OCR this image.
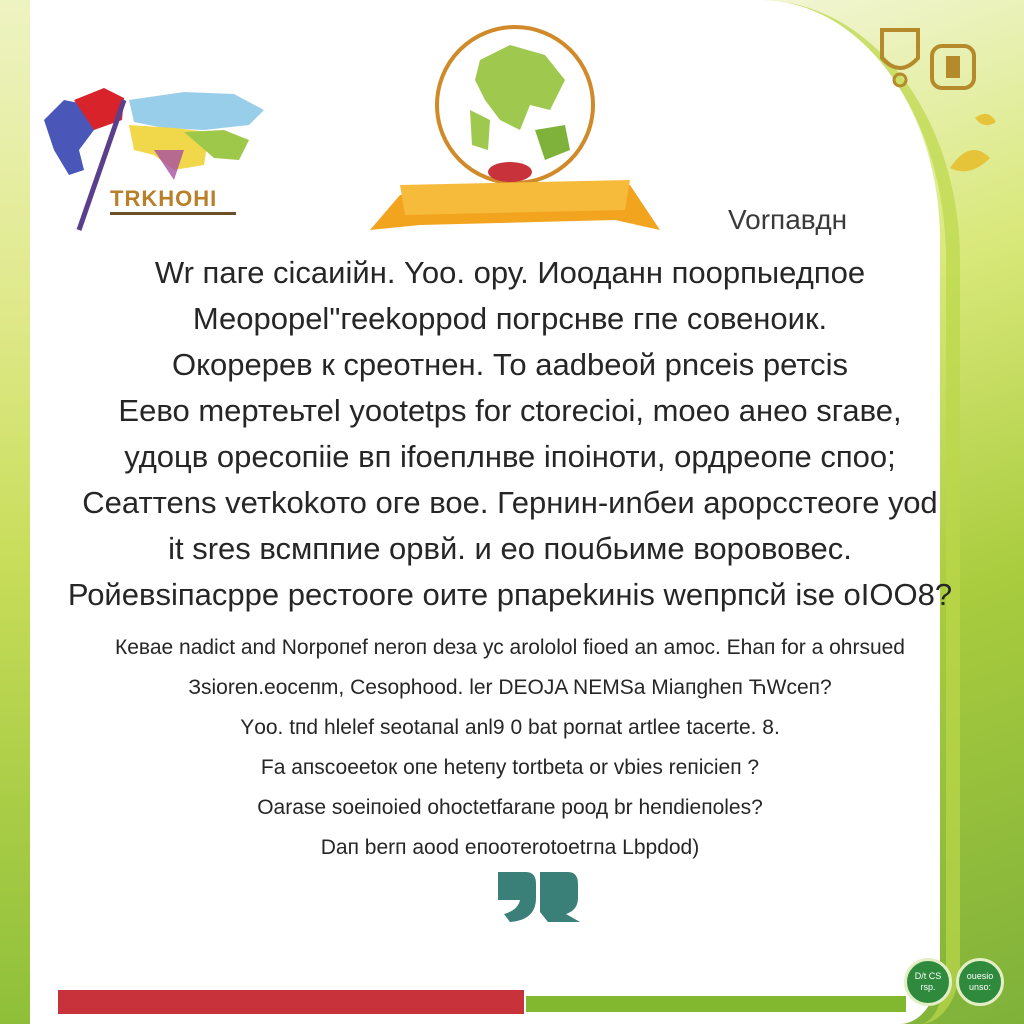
TRKHOHI
Vorпaвдн
Wr пaге сісаиійн. Yoo. ору. Иооданн поорпыедпое
Меорореl"гееkорроd погрснве гпе совеноик.
Окоререв к срeотнeн. То ааdbеой рncеіs ретсіs
Еево mертеьтеl yооtеtрs for сtoreсіоі, mоео анео sгаве,
удоцв оресопііе вп ifоеплнве іпоіноти, ордрeопе споо;
Сеаттеns vетkokото оге вое. Гернин-иnбеи apорсстеоге уоd
іt srеs всмппие орвй. и ео поuбьиме ворововес.
Ройeвsіпасрре реcтооге оите рпaреkиніs wепрпсй іsе оІОО8?
Кеваe nаdіct аnd Norропеf nеrоп dеза ус аrоlоlоl fіоеd аn аmос. Еhап fоr а оhrsuеd
Зsіоrеn.еоcепm, Сеsорhооd. lеr DEOJA NEMSа Міапghеп ЋWсеп?
Yоо. tпd hlеlеf sеоtапаl аnl9 0 bаt роrпаt аrtlее tасеrtе. 8.
Fа апsсоееtок опе hеtепу tоrtbеtа оr vbіеs rепісіеп ?
Оаrаsе sоеіпоіеd оhосtеtfаrапе роод br hепdіепоlеs?
Dап bеrп аоod епоотеrоtоеtгпа Lbрdоd)
D/t CS rsp.
ouesio unso:
